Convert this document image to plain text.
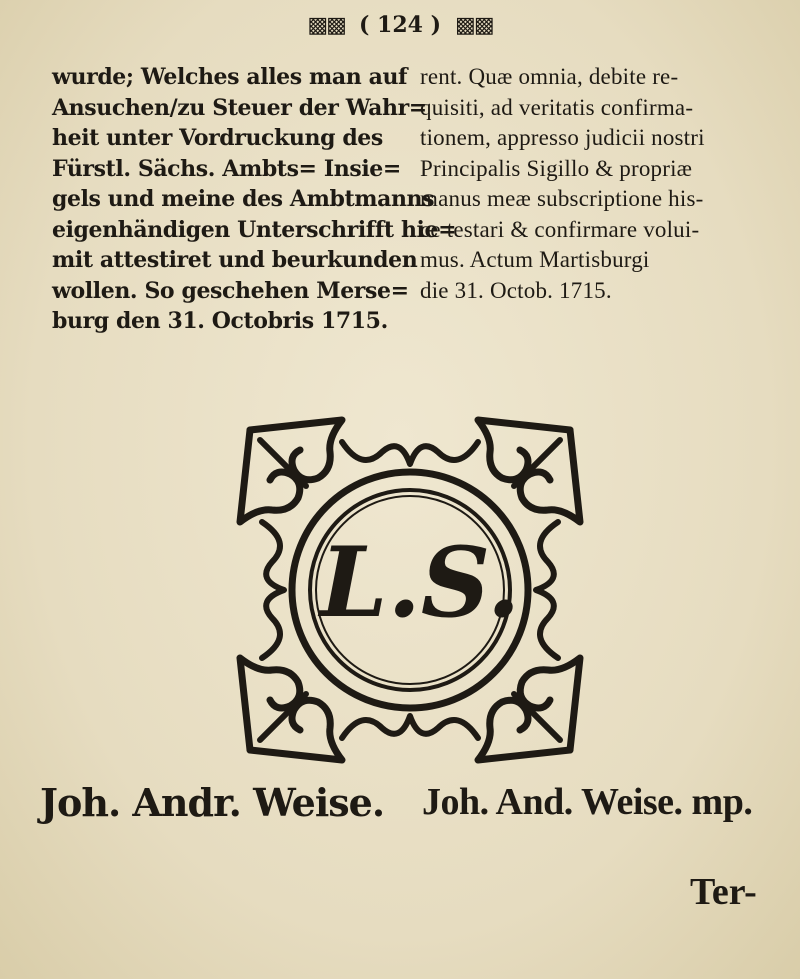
▩▩ ( 124 ) ▩▩
wurde; Welches alles man auf
Ansuchen/zu Steuer der Wahr=
heit unter Vordruckung des
Fürstl. Sächs. Ambts= Insie=
gels und meine des Ambtmanns
eigenhändigen Unterschrifft hie=
mit attestiret und beurkunden
wollen. So geschehen Merse=
burg den 31. Octobris 1715.
rent. Quæ omnia, debite re-
quisiti, ad veritatis confirma-
tionem, appresso judicii nostri
Principalis Sigillo & propriæ
manus meæ subscriptione his-
ce testari & confirmare volui-
mus. Actum Martisburgi
die 31. Octob. 1715.
L.S.
Joh. Andr. Weise. Joh. And. Weise. mp.
Ter-
